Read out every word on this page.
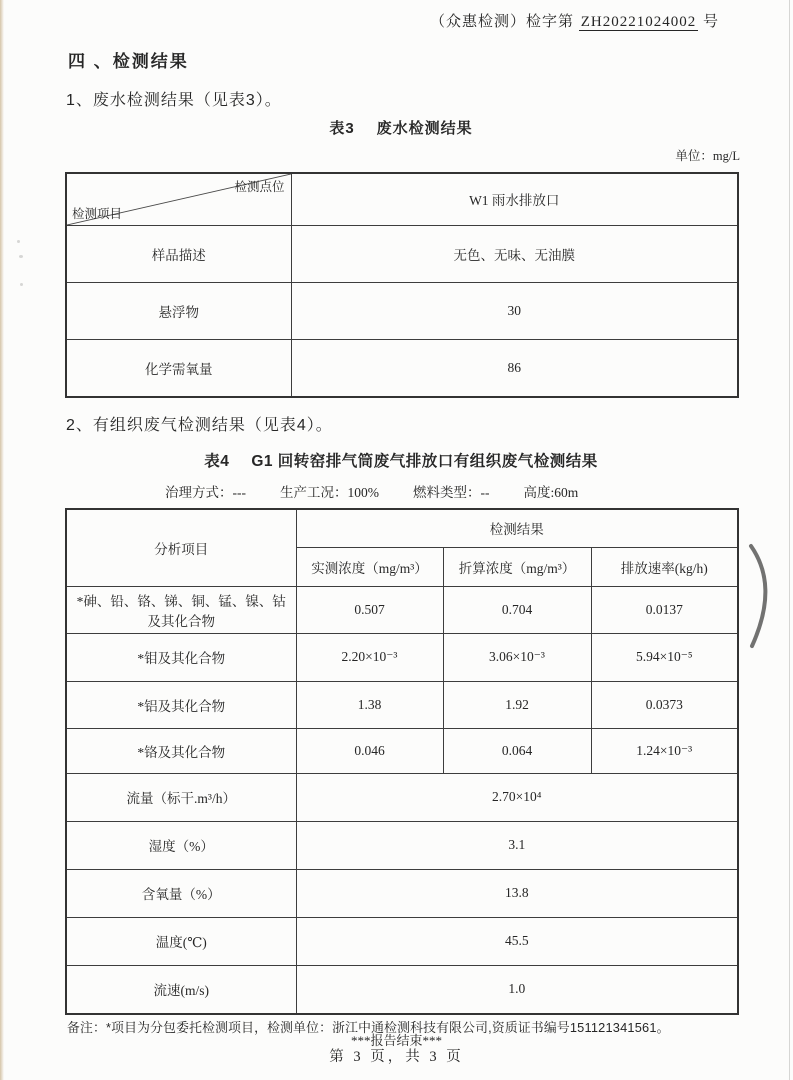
（众惠检测）检字第 ZH20221024002 号
四 、检测结果
1、废水检测结果（见表3）。
表3 废水检测结果
单位：mg/L
检测点位
检测项目	W1 雨水排放口
样品描述	无色、无味、无油膜
悬浮物	30
化学需氧量	86
2、有组织废气检测结果（见表4）。
表4 G1 回转窑排气筒废气排放口有组织废气检测结果
治理方式：---	生产工况：100%	燃料类型：--	高度:60m
分析项目	检测结果		
	实测浓度（mg/m³）	折算浓度（mg/m³）	排放速率(kg/h)
*砷、铅、铬、锑、铜、锰、镍、钴及其化合物	0.507	0.704	0.0137
*钼及其化合物	2.20×10⁻³	3.06×10⁻³	5.94×10⁻⁵
*铝及其化合物	1.38	1.92	0.0373
*铬及其化合物	0.046	0.064	1.24×10⁻³
流量（标干.m³/h）	2.70×10⁴		
湿度（%）	3.1		
含氧量（%）	13.8		
温度(℃)	45.5		
流速(m/s)	1.0		
备注：*项目为分包委托检测项目，检测单位：浙江中通检测科技有限公司,资质证书编号151121341561。
***报告结束***
第 3 页，共 3 页
